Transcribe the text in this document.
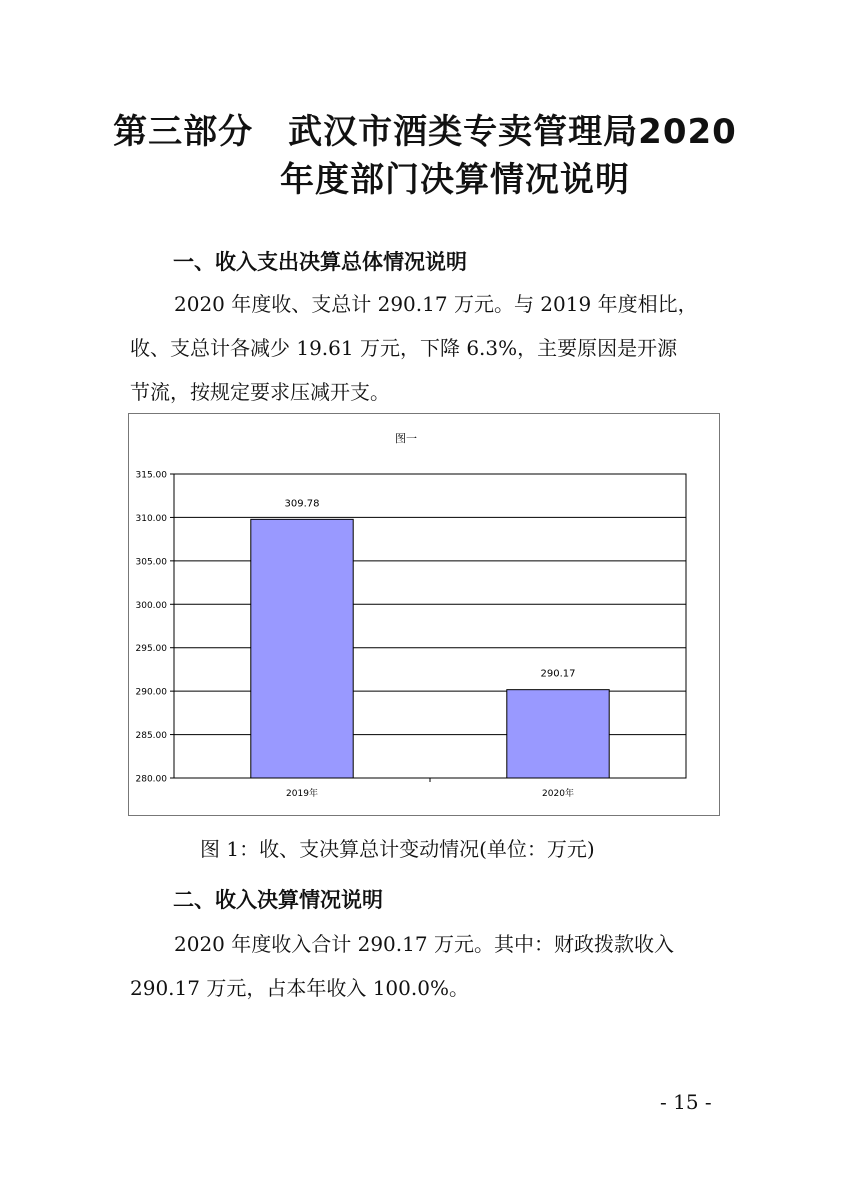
第三部分　武汉市酒类专卖管理局2020
年度部门决算情况说明
一、收入支出决算总体情况说明
2020 年度收、支总计 290.17 万元。与 2019 年度相比，
收、支总计各减少 19.61 万元，下降 6.3%，主要原因是开源
节流，按规定要求压减开支。
图一
280.00
285.00
290.00
295.00
300.00
305.00
310.00
315.00
309.78
2019年
290.17
2020年
图 1：收、支决算总计变动情况(单位：万元)
二、收入决算情况说明
2020 年度收入合计 290.17 万元。其中：财政拨款收入
290.17 万元，占本年收入 100.0%。
- 15 -
